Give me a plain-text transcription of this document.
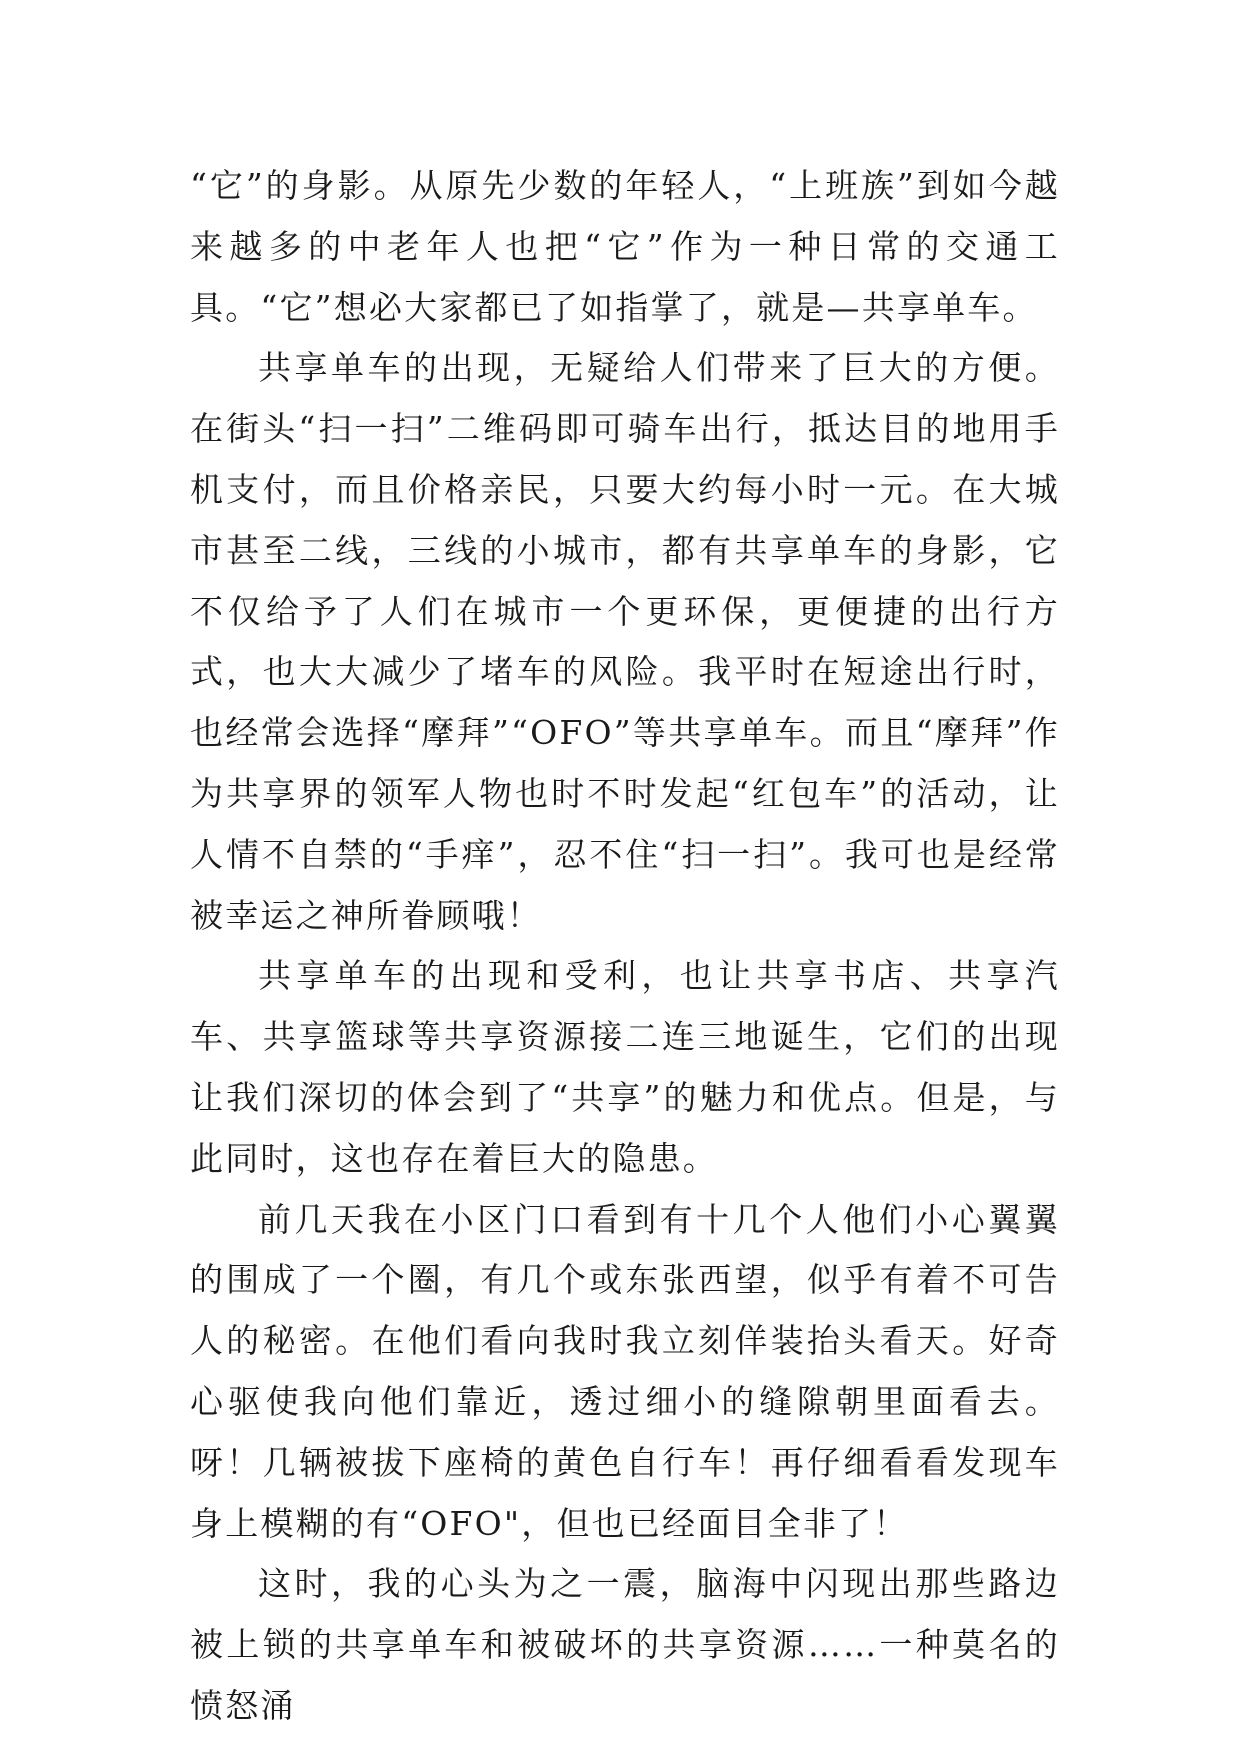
“它”的身影。从原先少数的年轻人，“上班族”到如今越来越多的中老年人也把“它”作为一种日常的交通工具。“它”想必大家都已了如指掌了，就是—共享单车。

共享单车的出现，无疑给人们带来了巨大的方便。在街头“扫一扫”二维码即可骑车出行，抵达目的地用手机支付，而且价格亲民，只要大约每小时一元。在大城市甚至二线，三线的小城市，都有共享单车的身影，它不仅给予了人们在城市一个更环保，更便捷的出行方式，也大大减少了堵车的风险。我平时在短途出行时，也经常会选择“摩拜”“OFO”等共享单车。而且“摩拜”作为共享界的领军人物也时不时发起“红包车”的活动，让人情不自禁的“手痒”，忍不住“扫一扫”。我可也是经常被幸运之神所眷顾哦！

共享单车的出现和受利，也让共享书店、共享汽车、共享篮球等共享资源接二连三地诞生，它们的出现让我们深切的体会到了“共享”的魅力和优点。但是，与此同时，这也存在着巨大的隐患。

前几天我在小区门口看到有十几个人他们小心翼翼的围成了一个圈，有几个或东张西望，似乎有着不可告人的秘密。在他们看向我时我立刻佯装抬头看天。好奇心驱使我向他们靠近，透过细小的缝隙朝里面看去。呀！几辆被拔下座椅的黄色自行车！再仔细看看发现车身上模糊的有“OFO"，但也已经面目全非了！

这时，我的心头为之一震，脑海中闪现出那些路边被上锁的共享单车和被破坏的共享资源……一种莫名的愤怒涌
